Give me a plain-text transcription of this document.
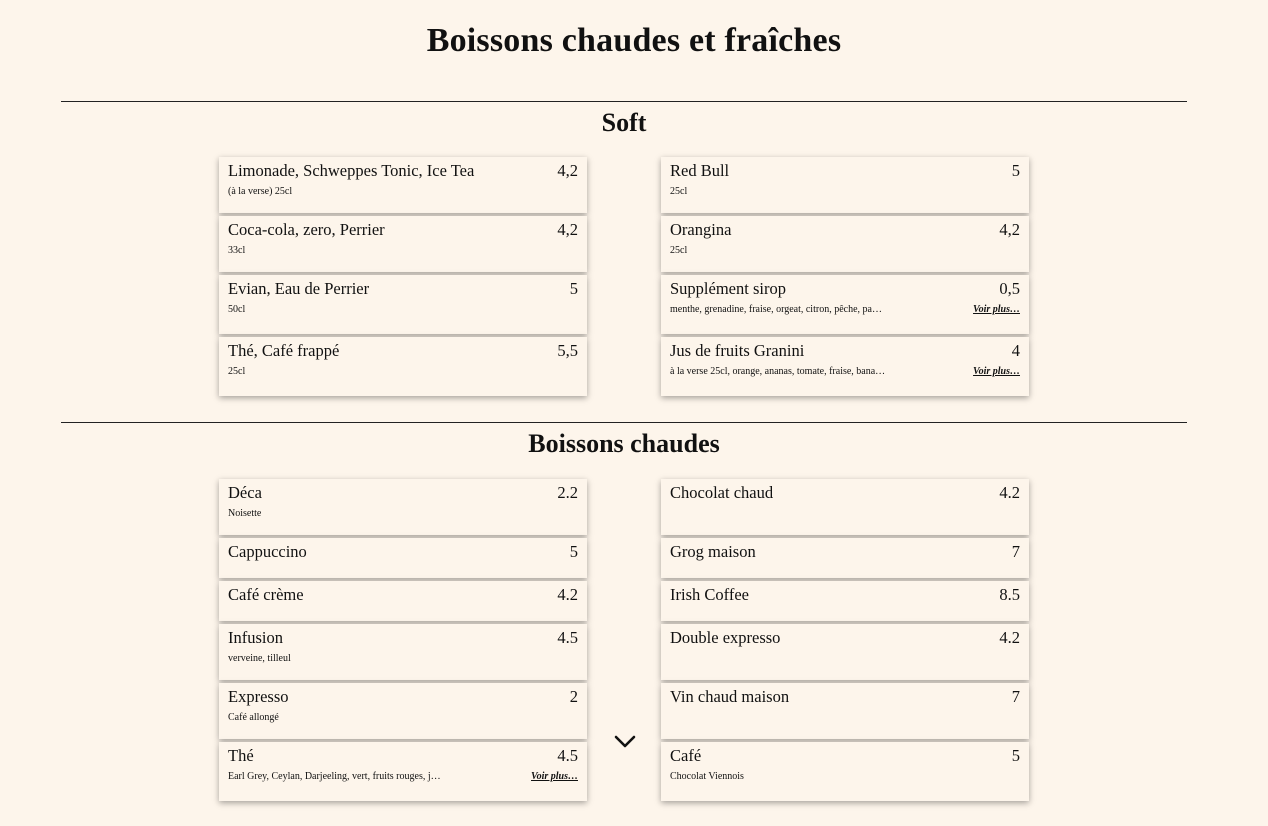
Boissons chaudes et fraîches
Soft
Limonade, Schweppes Tonic, Ice Tea	4,2
(à la verse) 25cl
Coca-cola, zero, Perrier	4,2
33cl
Evian, Eau de Perrier	5
50cl
Thé, Café frappé	5,5
25cl
Red Bull	5
25cl
Orangina	4,2
25cl
Supplément sirop	0,5
menthe, grenadine, fraise, orgeat, citron, pêche, pa…	Voir plus…
Jus de fruits Granini	4
à la verse 25cl, orange, ananas, tomate, fraise, bana…	Voir plus…
Boissons chaudes
Déca	2.2
Noisette
Cappuccino	5
Café crème	4.2
Infusion	4.5
verveine, tilleul
Expresso	2
Café allongé
Thé	4.5
Earl Grey, Ceylan, Darjeeling, vert, fruits rouges, j…	Voir plus…
Chocolat chaud	4.2
Grog maison	7
Irish Coffee	8.5
Double expresso	4.2
Vin chaud maison	7
Café	5
Chocolat Viennois
